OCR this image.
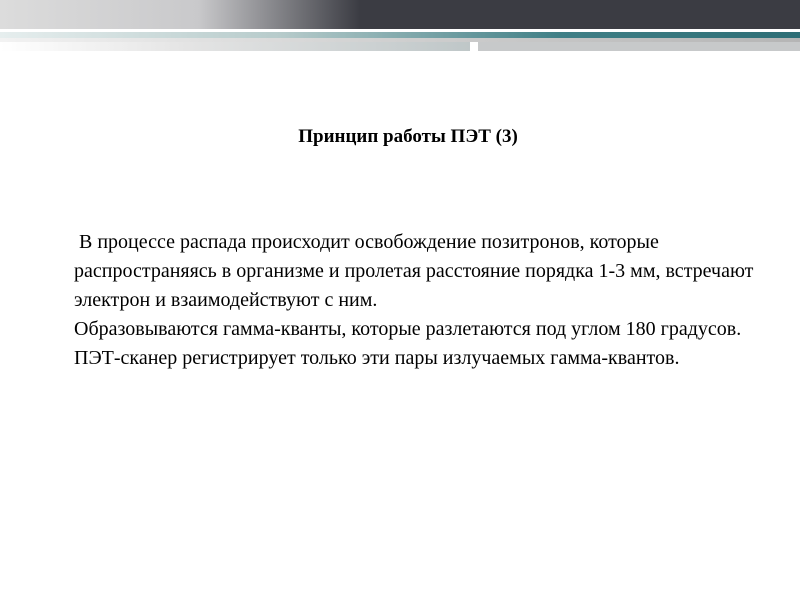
Принцип работы ПЭТ (3)

В процессе распада происходит освобождение позитронов, которые распространяясь в организме и пролетая расстояние порядка 1-3 мм, встречают электрон и взаимодействуют с ним.

Образовываются гамма-кванты, которые разлетаются под углом 180 градусов.

ПЭТ-сканер регистрирует только эти пары излучаемых гамма-квантов.
